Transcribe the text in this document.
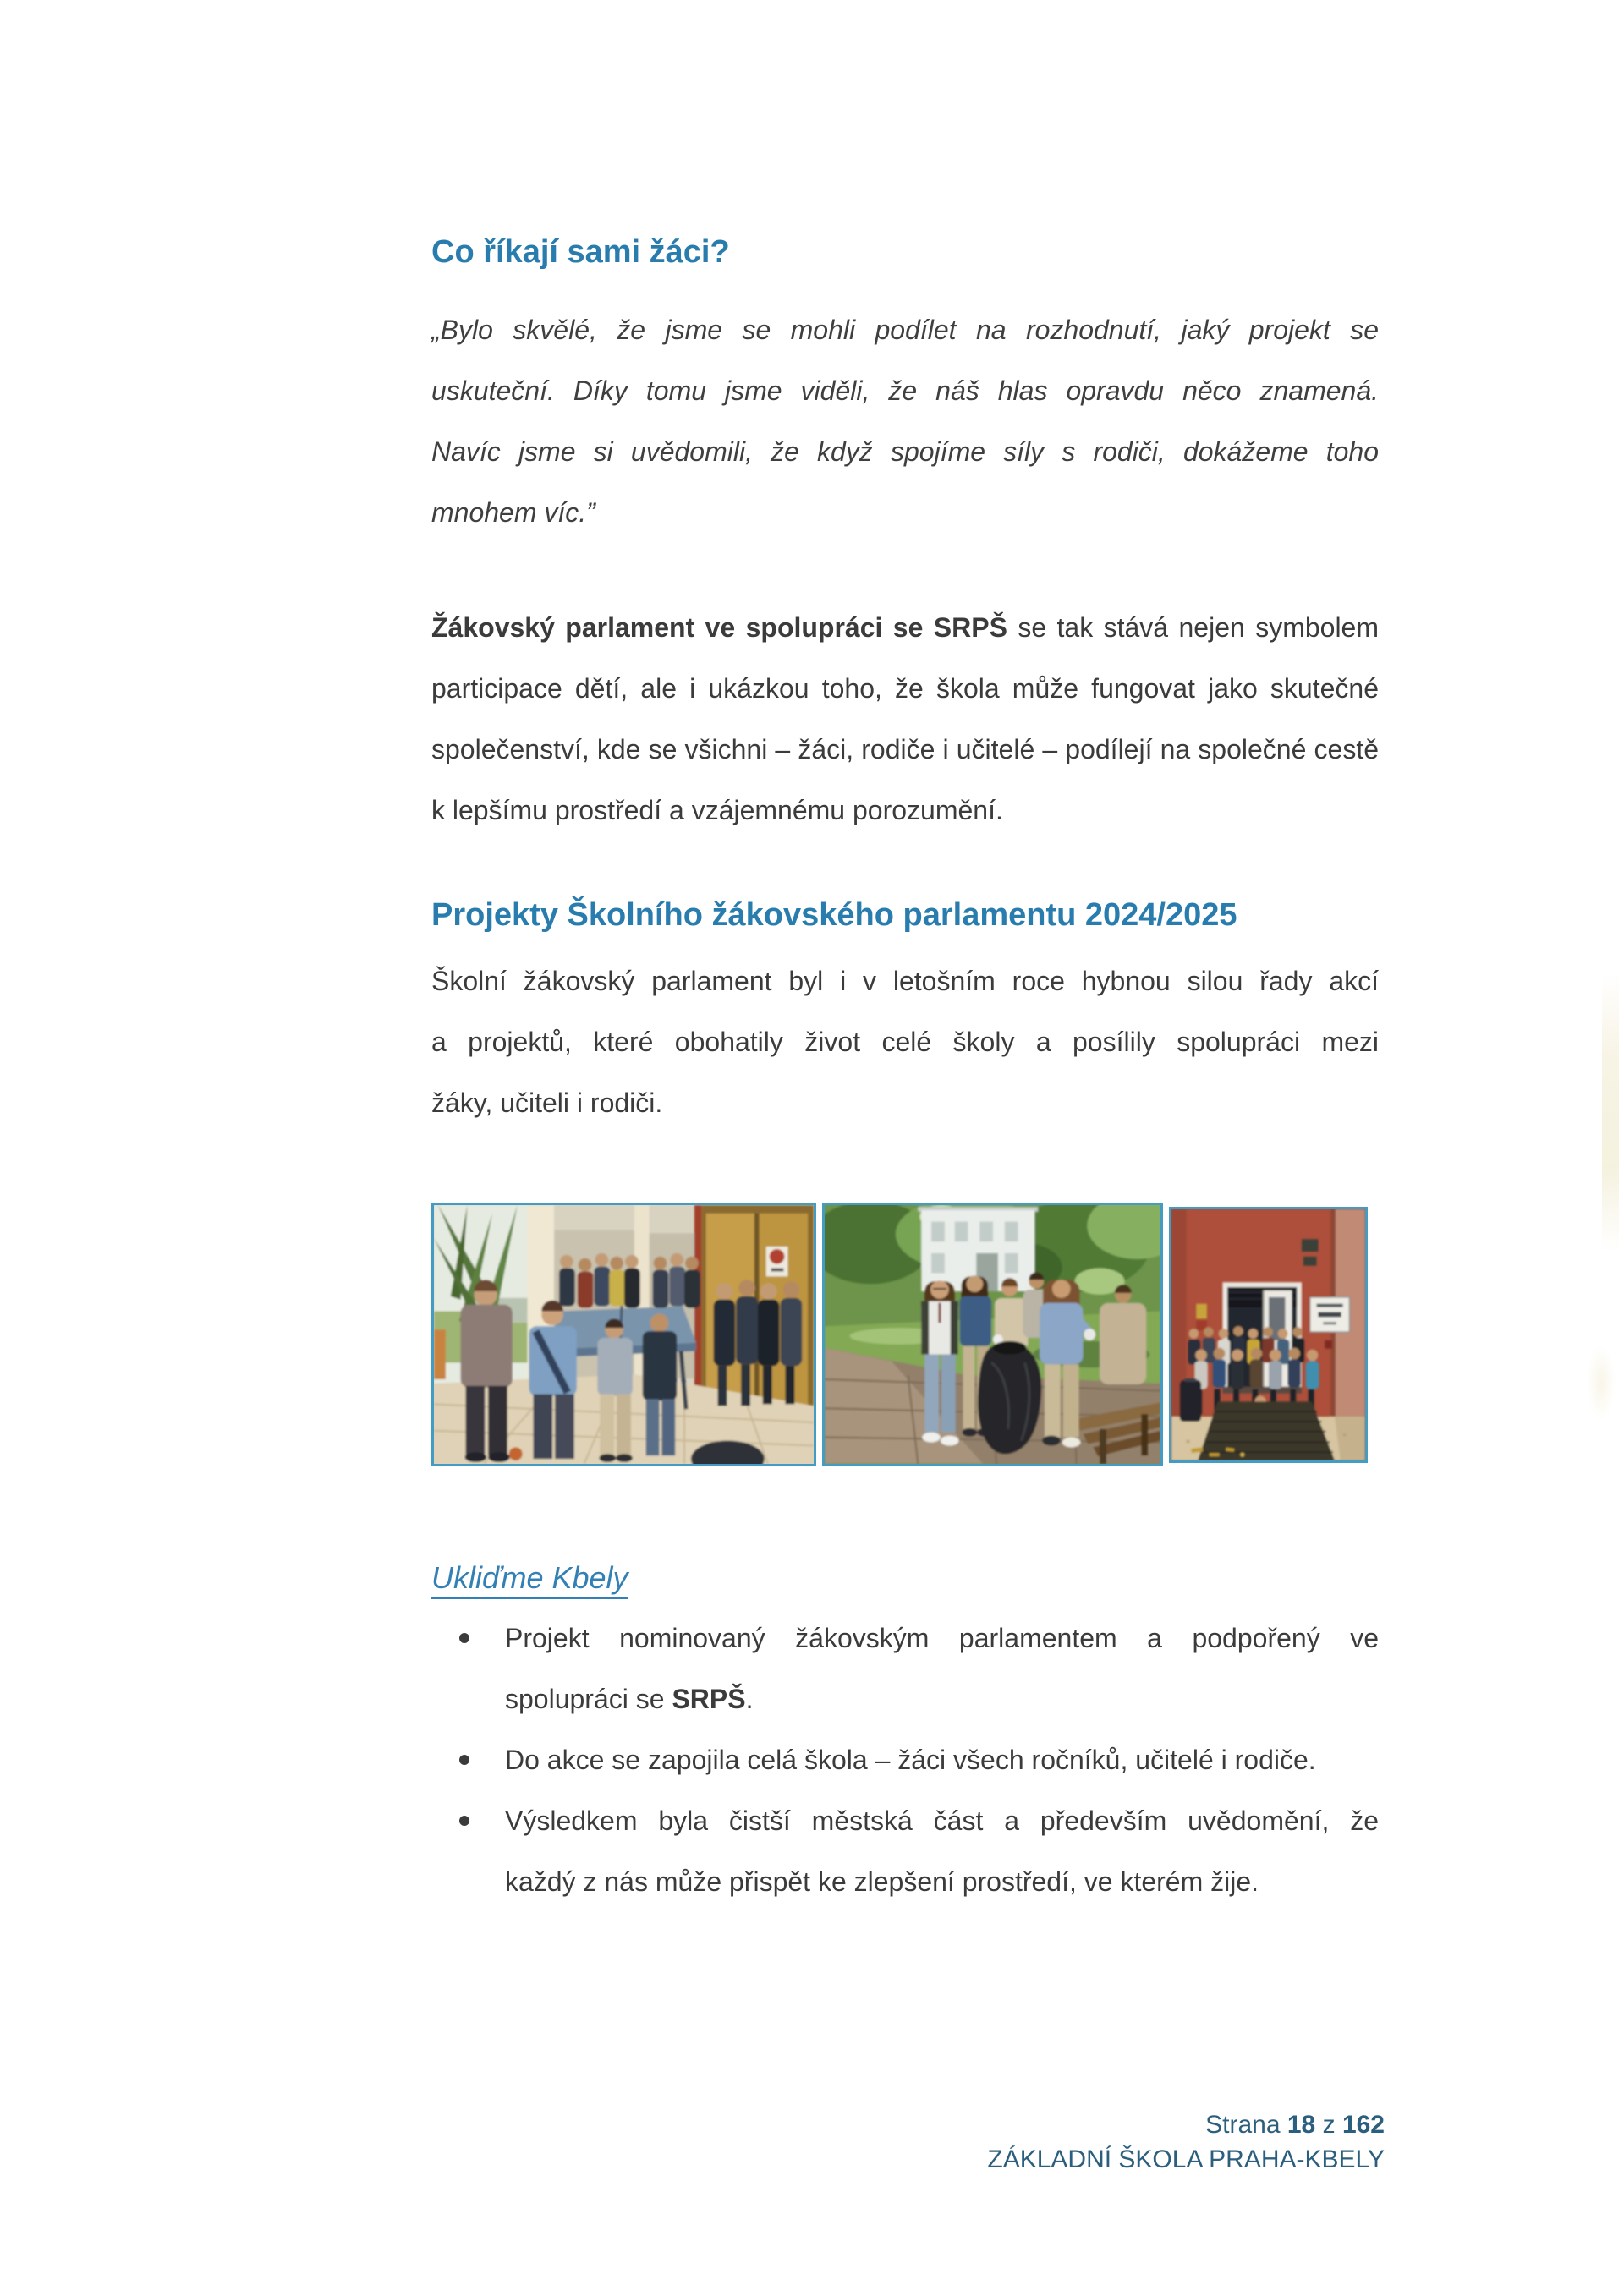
Co říkají sami žáci?
„Bylo skvělé, že jsme se mohli podílet na rozhodnutí, jaký projekt se
uskuteční. Díky tomu jsme viděli, že náš hlas opravdu něco znamená.
Navíc jsme si uvědomili, že když spojíme síly s rodiči, dokážeme toho
mnohem víc.”
Žákovský parlament ve spolupráci se SRPŠ se tak stává nejen symbolem
participace dětí, ale i ukázkou toho, že škola může fungovat jako skutečné
společenství, kde se všichni – žáci, rodiče i učitelé – podílejí na společné cestě
k lepšímu prostředí a vzájemnému porozumění.
Projekty Školního žákovského parlamentu 2024/2025
Školní žákovský parlament byl i v letošním roce hybnou silou řady akcí
a projektů, které obohatily život celé školy a posílily spolupráci mezi
žáky, učiteli i rodiči.
Ukliďme Kbely
Projekt nominovaný žákovským parlamentem a podpořený ve
spolupráci se SRPŠ.
Do akce se zapojila celá škola – žáci všech ročníků, učitelé i rodiče.
Výsledkem byla čistší městská část a především uvědomění, že
každý z nás může přispět ke zlepšení prostředí, ve kterém žije.
Strana 18 z 162
ZÁKLADNÍ ŠKOLA PRAHA-KBELY
